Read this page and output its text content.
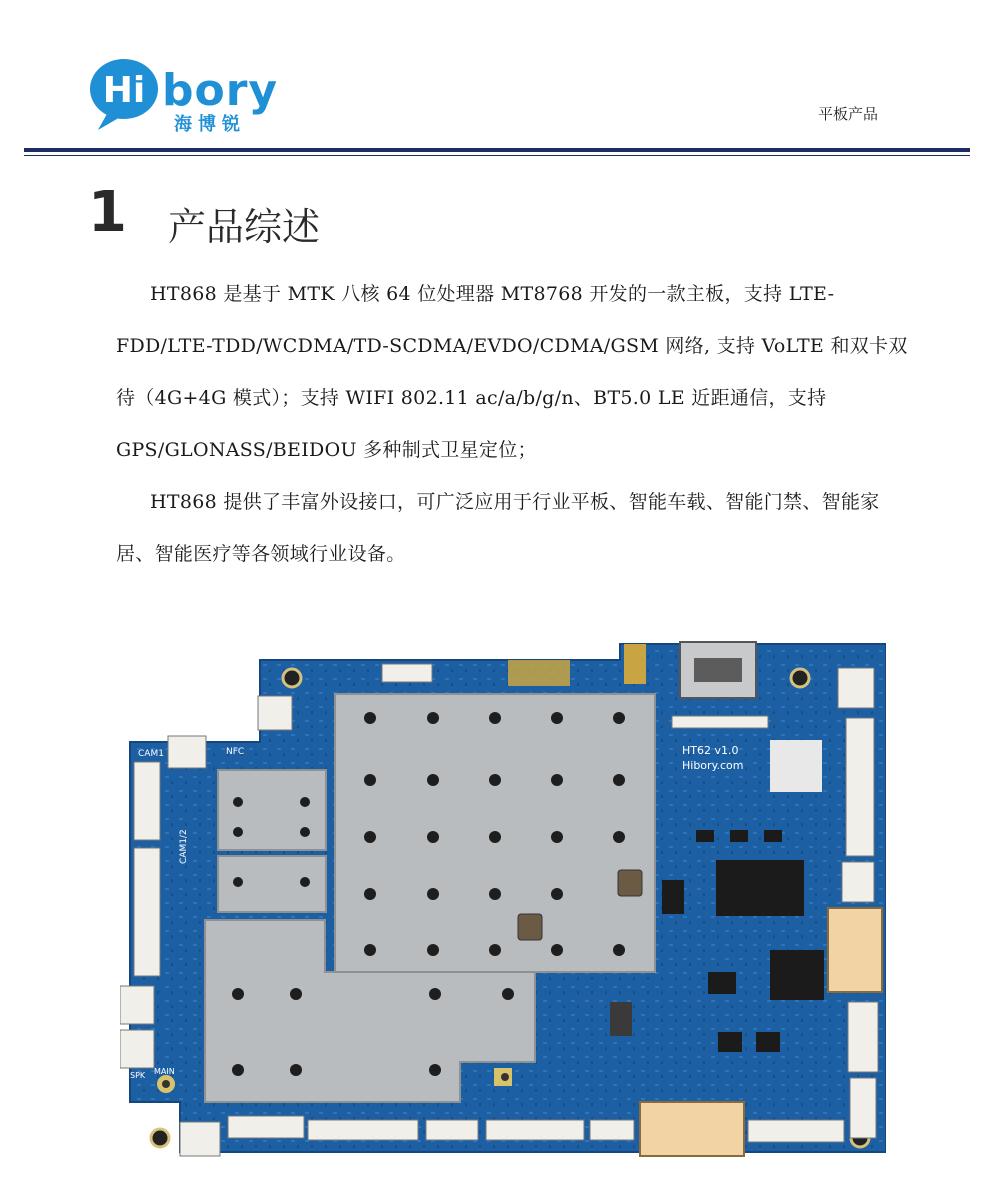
Hi bory
海博锐	平板产品
1 产品综述

HT868 是基于 MTK 八核 64 位处理器 MT8768 开发的一款主板，支持 LTE-FDD/LTE-TDD/WCDMA/TD-SCDMA/EVDO/CDMA/GSM 网络, 支持 VoLTE 和双卡双待（4G+4G 模式）；支持 WIFI 802.11 ac/a/b/g/n、BT5.0 LE 近距通信，支持 GPS/GLONASS/BEIDOU 多种制式卫星定位；

HT868 提供了丰富外设接口，可广泛应用于行业平板、智能车载、智能门禁、智能家居、智能医疗等各领域行业设备。

HT62 v1.0
Hibory.com
CAM1
CAM1/2
NFC
SPK MAIN
